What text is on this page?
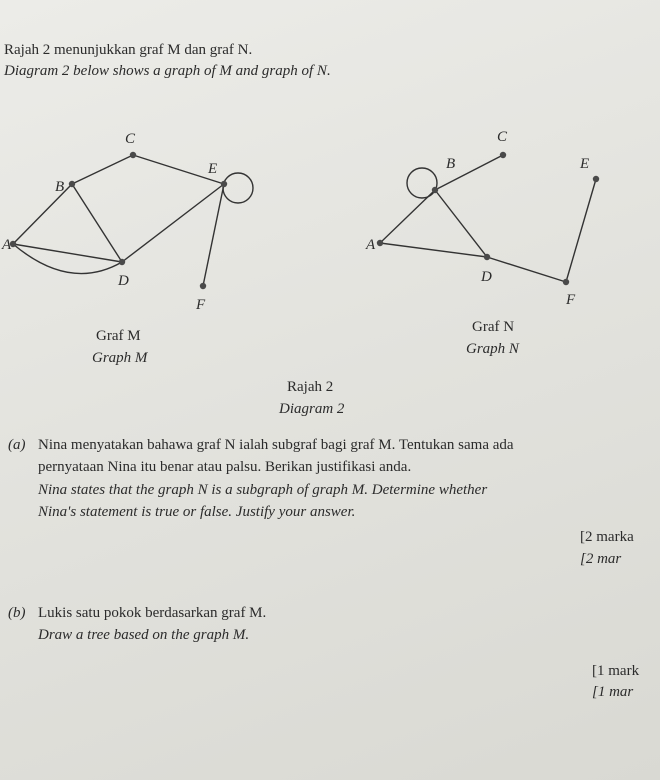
Rajah 2 menunjukkan graf M dan graf N.
Diagram 2 below shows a graph of M and graph of N.
A
B
C
D
E
F
A
B
C
D
E
F
Graf M
Graph M
Graf N
Graph N
Rajah 2
Diagram 2
(a) Nina menyatakan bahawa graf N ialah subgraf bagi graf M. Tentukan sama ada
pernyataan Nina itu benar atau palsu. Berikan justifikasi anda.
Nina states that the graph N is a subgraph of graph M. Determine whether
Nina's statement is true or false. Justify your answer.
[2 marka
[2 mar
(b) Lukis satu pokok berdasarkan graf M.
Draw a tree based on the graph M.
[1 mark
[1 mar
